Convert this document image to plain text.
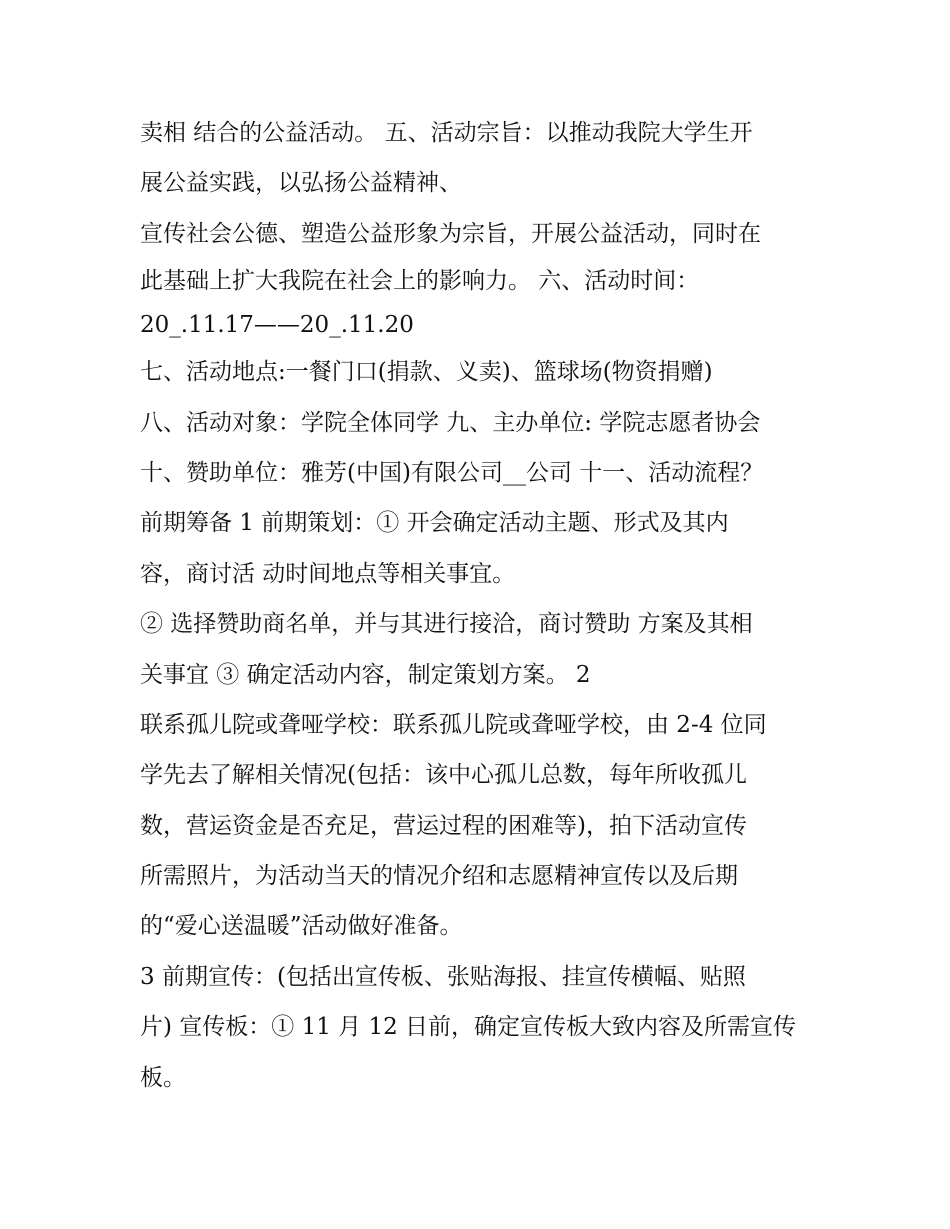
卖相 结合的公益活动。 五、活动宗旨：以推动我院大学生开
展公益实践，以弘扬公益精神、
宣传社会公德、塑造公益形象为宗旨，开展公益活动，同时在
此基础上扩大我院在社会上的影响力。 六、活动时间：
20_.11.17——20_.11.20
七、活动地点:一餐门口(捐款、义卖)、篮球场(物资捐赠)
八、活动对象：学院全体同学 九、主办单位: 学院志愿者协会
十、赞助单位：雅芳(中国)有限公司__公司 十一、活动流程？
前期筹备 1 前期策划：① 开会确定活动主题、形式及其内
容，商讨活 动时间地点等相关事宜。
② 选择赞助商名单，并与其进行接洽，商讨赞助 方案及其相
关事宜 ③ 确定活动内容，制定策划方案。 2
联系孤儿院或聋哑学校：联系孤儿院或聋哑学校，由 2-4 位同
学先去了解相关情况(包括：该中心孤儿总数，每年所收孤儿
数，营运资金是否充足，营运过程的困难等)，拍下活动宣传
所需照片，为活动当天的情况介绍和志愿精神宣传以及后期
的“爱心送温暖”活动做好准备。
3 前期宣传：(包括出宣传板、张贴海报、挂宣传横幅、贴照
片) 宣传板：① 11 月 12 日前，确定宣传板大致内容及所需宣传
板。
